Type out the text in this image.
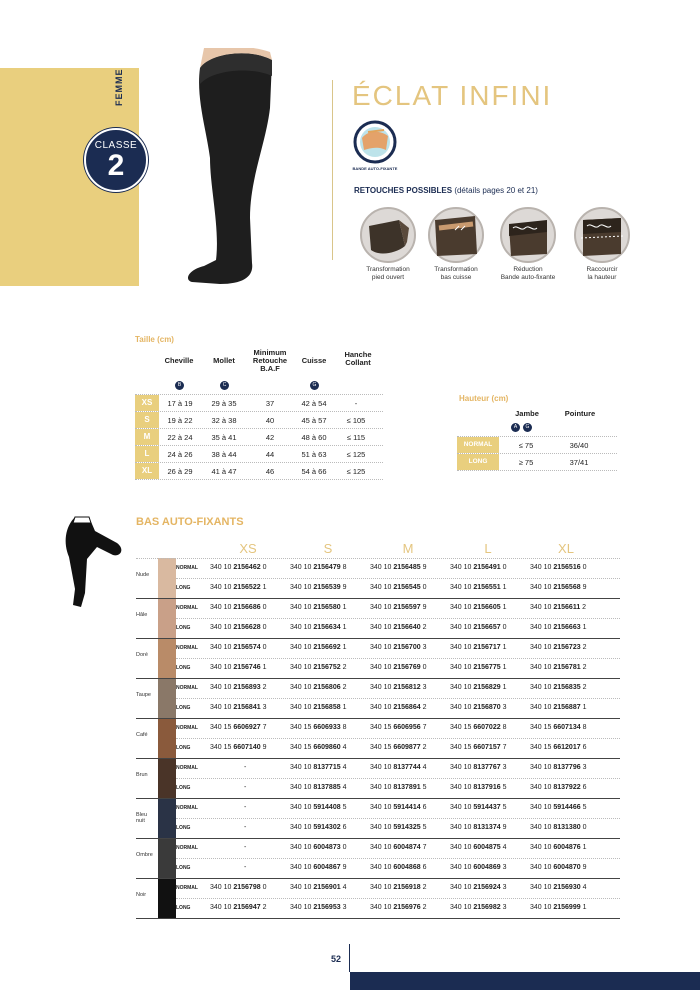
FEMME
CLASSE
2
ÉCLAT INFINI
BANDE AUTO-FIXANTE
RETOUCHES POSSIBLES (détails pages 20 et 21)
Transformation
pied ouvert
Transformation
bas cuisse
Réduction
Bande auto-fixante
Raccourcir
la hauteur
Taille (cm)
Cheville	Mollet
Minimum
Retouche
B.A.F
Cuisse
Hanche
Collant
B	C	G
XS	17 à 19	29 à 35	37	42 à 54	-
S	19 à 22	32 à 38	40	45 à 57	≤ 105
M	22 à 24	35 à 41	42	48 à 60	≤ 115
L	24 à 26	38 à 44	44	51 à 63	≤ 125
XL	26 à 29	41 à 47	46	54 à 66	≤ 125
Hauteur (cm)
Jambe	Pointure
A	G
NORMAL	≤ 75	36/40
LONG	≥ 75	37/41
BAS AUTO-FIXANTS
XS	S	M	L	XL
Nude
NORMAL	340 10 2156462 0	340 10 2156479 8	340 10 2156485 9	340 10 2156491 0	340 10 2156516 0
LONG	340 10 2156522 1	340 10 2156539 9	340 10 2156545 0	340 10 2156551 1	340 10 2156568 9
Hâle
NORMAL	340 10 2156686 0	340 10 2156580 1	340 10 2156597 9	340 10 2156605 1	340 10 2156611 2
LONG	340 10 2156628 0	340 10 2156634 1	340 10 2156640 2	340 10 2156657 0	340 10 2156663 1
Doré
NORMAL	340 10 2156574 0	340 10 2156692 1	340 10 2156700 3	340 10 2156717 1	340 10 2156723 2
LONG	340 10 2156746 1	340 10 2156752 2	340 10 2156769 0	340 10 2156775 1	340 10 2156781 2
Taupe
NORMAL	340 10 2156893 2	340 10 2156806 2	340 10 2156812 3	340 10 2156829 1	340 10 2156835 2
LONG	340 10 2156841 3	340 10 2156858 1	340 10 2156864 2	340 10 2156870 3	340 10 2156887 1
Café
NORMAL	340 15 6606927 7	340 15 6606933 8	340 15 6606956 7	340 15 6607022 8	340 15 6607134 8
LONG	340 15 6607140 9	340 15 6609860 4	340 15 6609877 2	340 15 6607157 7	340 15 6612017 6
Brun
NORMAL	-	340 10 8137715 4	340 10 8137744 4	340 10 8137767 3	340 10 8137796 3
LONG	-	340 10 8137885 4	340 10 8137891 5	340 10 8137916 5	340 10 8137922 6
Bleu
nuit
NORMAL	-	340 10 5914408 5	340 10 5914414 6	340 10 5914437 5	340 10 5914466 5
LONG	-	340 10 5914302 6	340 10 5914325 5	340 10 8131374 9	340 10 8131380 0
Ombre
NORMAL	-	340 10 6004873 0	340 10 6004874 7	340 10 6004875 4	340 10 6004876 1
LONG	-	340 10 6004867 9	340 10 6004868 6	340 10 6004869 3	340 10 6004870 9
Noir
NORMAL	340 10 2156798 0	340 10 2156901 4	340 10 2156918 2	340 10 2156924 3	340 10 2156930 4
LONG	340 10 2156947 2	340 10 2156953 3	340 10 2156976 2	340 10 2156982 3	340 10 2156999 1
52
